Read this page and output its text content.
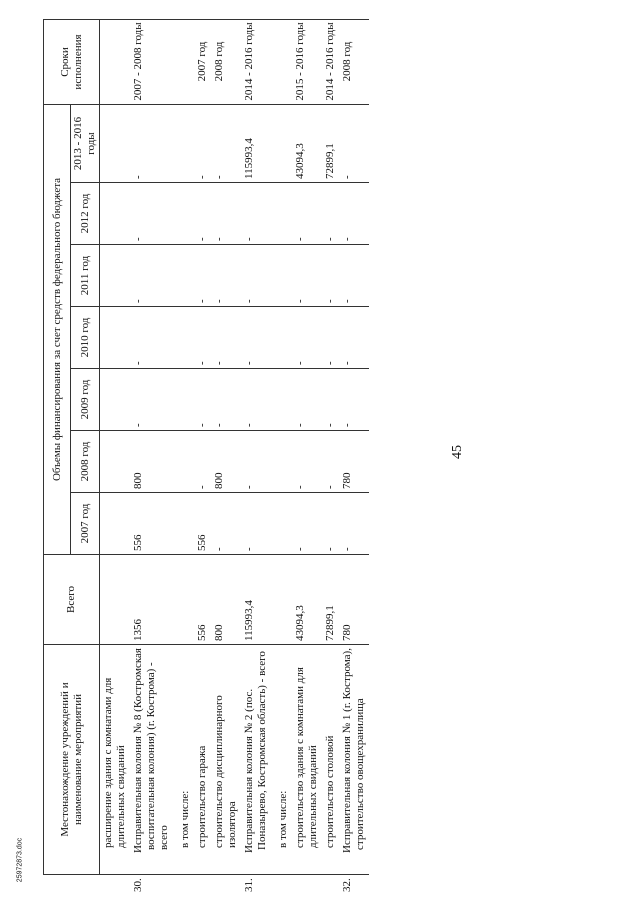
45
25972873.doc
Местонахождение учреждений и наименование мероприятий	Всего	Объемы финансирования за счет средств федерального бюджета							Сроки исполнения
		2007 год	2008 год	2009 год	2010 год	2011 год	2012 год	2013 - 2016 годы	
расширение здания с комнатами для длительных свиданий									
30.Исправительная колония № 8 (Костромская воспитательная колония) (г. Кострома) - всего	1356	556	800	-	-	-	-	-	2007 - 2008 годы
в том числе:									
строительство гаража	556	556	-	-	-	-	-	-	2007 год
строительство дисциплинарного изолятора	800	-	800	-	-	-	-	-	2008 год
31.Исправительная колония № 2 (пос. Поназырево, Костромская область) - всего	115993,4	-	-	-	-	-	-	115993,4	2014 - 2016 годы
в том числе:									
строительство здания с комнатами для длительных свиданий	43094,3	-	-	-	-	-	-	43094,3	2015 - 2016 годы
строительство столовой	72899,1	-	-	-	-	-	-	72899,1	2014 - 2016 годы
32.Исправительная колония № 1 (г. Кострома), строительство овощехранилища	780	-	780	-	-	-	-	-	2008 год
